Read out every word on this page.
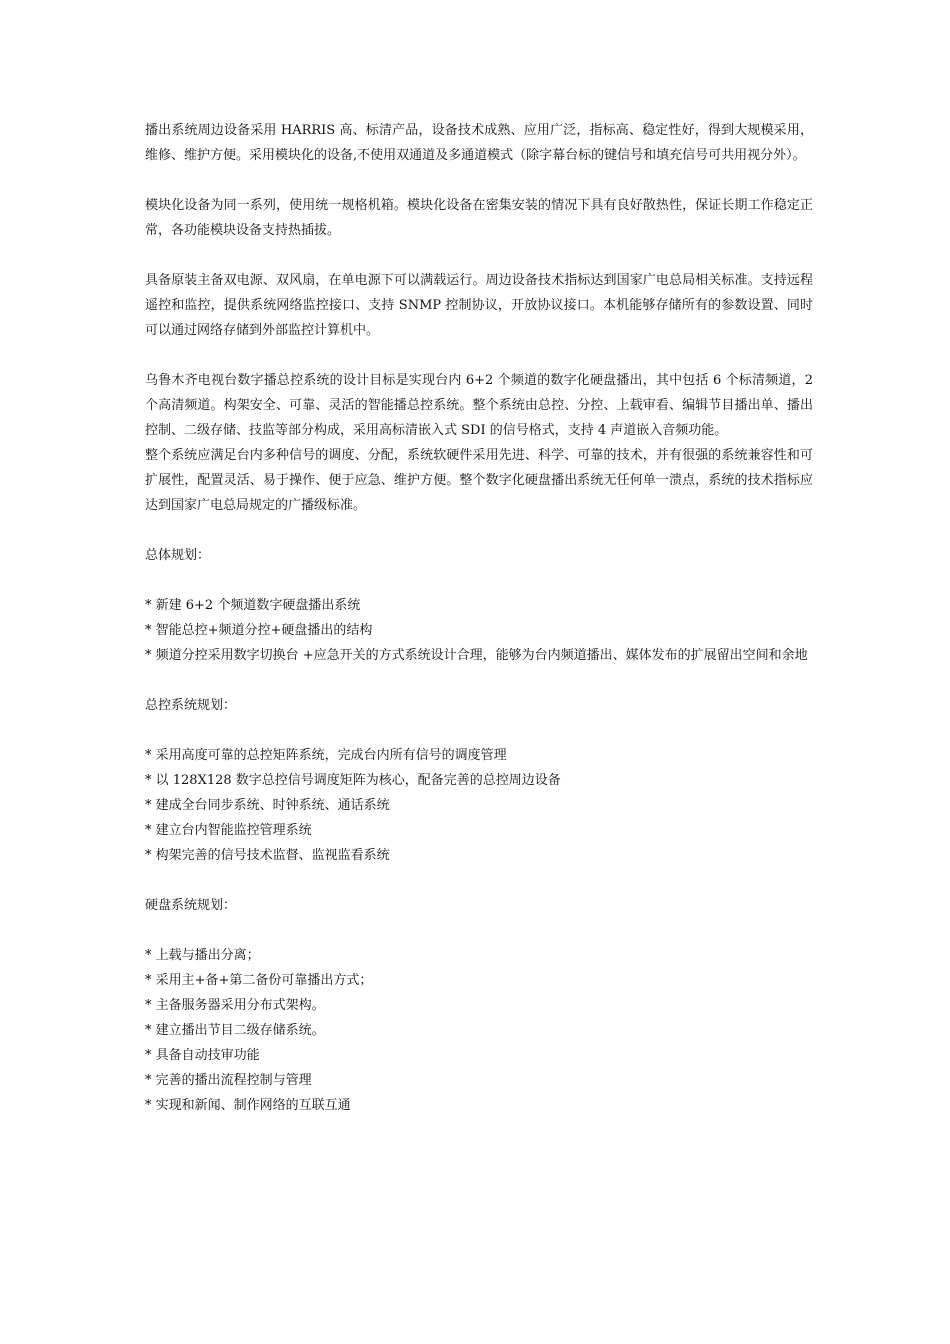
播出系统周边设备采用 HARRIS 高、标清产品，设备技术成熟、应用广泛，指标高、稳定性好，得到大规模采用，维修、维护方便。采用模块化的设备,不使用双通道及多通道模式（除字幕台标的键信号和填充信号可共用视分外）。

模块化设备为同一系列，使用统一规格机箱。模块化设备在密集安装的情况下具有良好散热性，保证长期工作稳定正常，各功能模块设备支持热插拔。

具备原装主备双电源、双风扇，在单电源下可以满载运行。周边设备技术指标达到国家广电总局相关标准。支持远程遥控和监控，提供系统网络监控接口、支持 SNMP 控制协议，开放协议接口。本机能够存储所有的参数设置、同时可以通过网络存储到外部监控计算机中。

乌鲁木齐电视台数字播总控系统的设计目标是实现台内 6+2 个频道的数字化硬盘播出，其中包括 6 个标清频道，2 个高清频道。构架安全、可靠、灵活的智能播总控系统。整个系统由总控、分控、上载审看、编辑节目播出单、播出控制、二级存储、技监等部分构成，采用高标清嵌入式 SDI 的信号格式，支持 4 声道嵌入音频功能。

整个系统应满足台内多种信号的调度、分配，系统软硬件采用先进、科学、可靠的技术，并有很强的系统兼容性和可扩展性，配置灵活、易于操作、便于应急、维护方便。整个数字化硬盘播出系统无任何单一溃点，系统的技术指标应达到国家广电总局规定的广播级标准。

总体规划：

* 新建 6+2 个频道数字硬盘播出系统
* 智能总控+频道分控+硬盘播出的结构
* 频道分控采用数字切换台 +应急开关的方式系统设计合理，能够为台内频道播出、媒体发布的扩展留出空间和余地

总控系统规划：

* 采用高度可靠的总控矩阵系统，完成台内所有信号的调度管理
* 以 128X128 数字总控信号调度矩阵为核心，配备完善的总控周边设备
* 建成全台同步系统、时钟系统、通话系统
* 建立台内智能监控管理系统
* 构架完善的信号技术监督、监视监看系统

硬盘系统规划：

* 上载与播出分离；
* 采用主+备+第二备份可靠播出方式；
* 主备服务器采用分布式架构。
* 建立播出节目二级存储系统。
* 具备自动技审功能
* 完善的播出流程控制与管理
* 实现和新闻、制作网络的互联互通
